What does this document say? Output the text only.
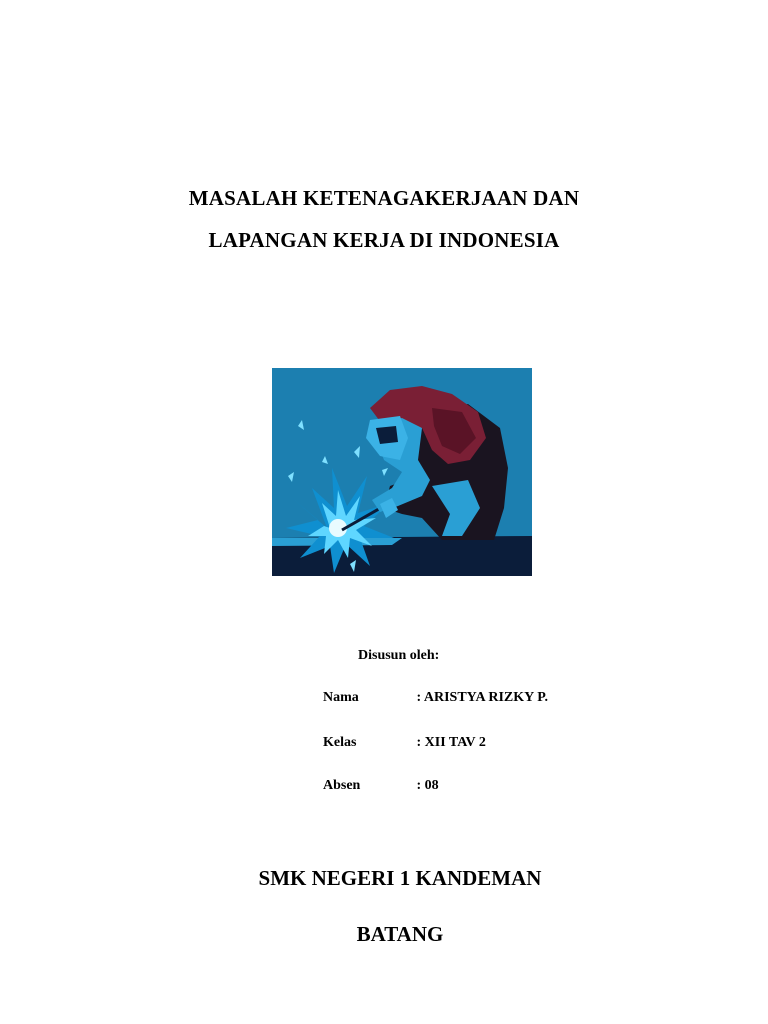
MASALAH KETENAGAKERJAAN DAN
LAPANGAN KERJA DI INDONESIA
Disusun oleh:
Nama	: ARISTYA RIZKY P.
Kelas	: XII TAV 2
Absen	: 08
SMK NEGERI 1 KANDEMAN
BATANG
